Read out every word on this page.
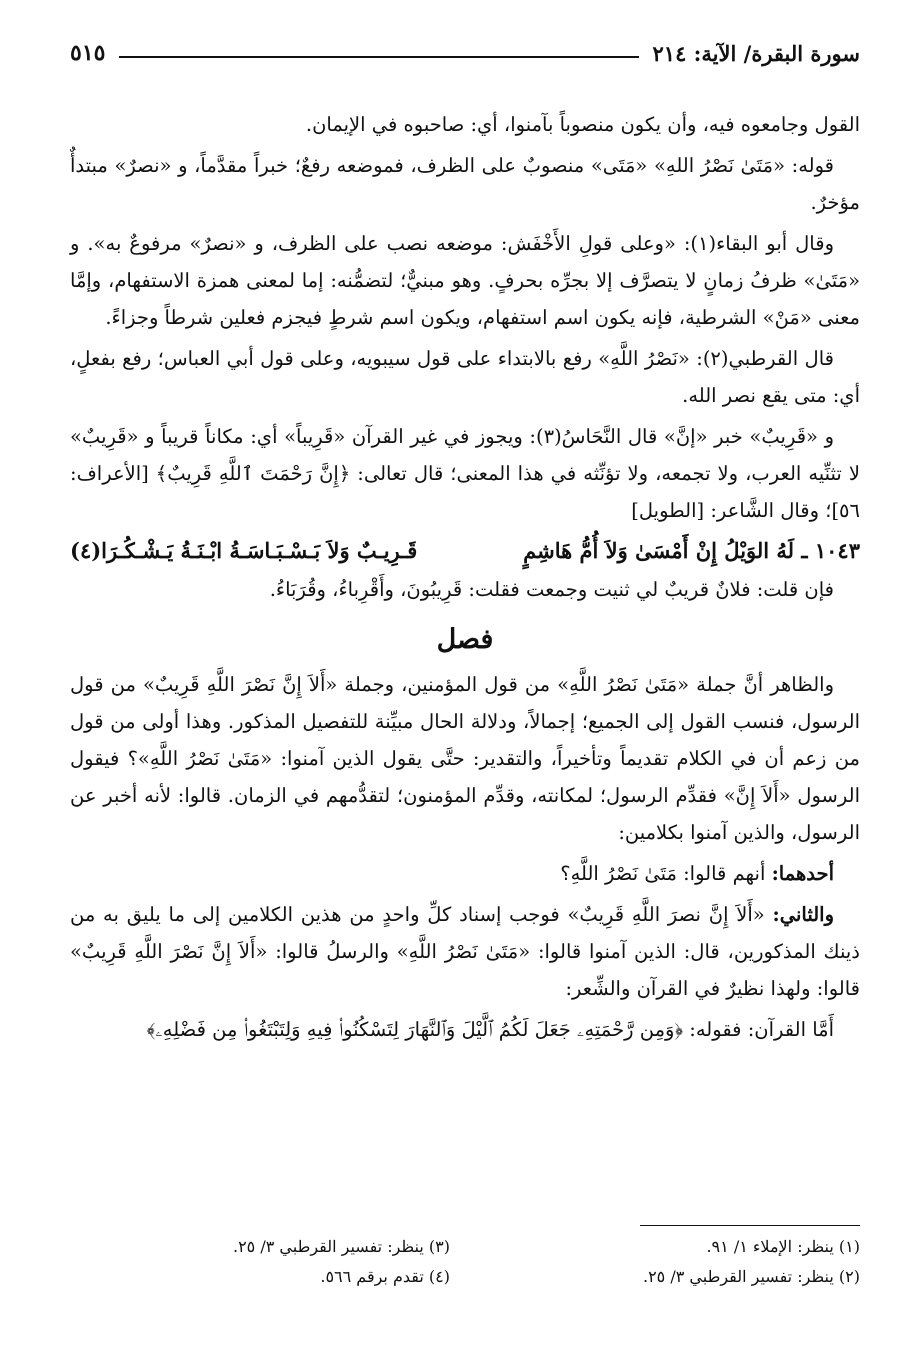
سورة البقرة/ الآية: ٢١٤
٥١٥

القول وجامعوه فيه، وأن يكون منصوباً بآمنوا، أي: صاحبوه في الإيمان.

قوله: «مَتَىٰ نَصْرُ اللهِ» «مَتَى» منصوبٌ على الظرف، فموضعه رفعٌ؛ خبراً مقدَّماً، و «نصرٌ» مبتدأٌ مؤخرٌ.

وقال أبو البقاء(١): «وعلى قولِ الأَخْفَش: موضعه نصب على الظرف، و «نصرٌ» مرفوعٌ به». و «مَتَىٰ» ظرفُ زمانٍ لا يتصرَّف إلا بجرِّه بحرفٍ. وهو مبنيٌّ؛ لتضمُّنه: إما لمعنى همزة الاستفهام، وإمَّا معنى «مَنْ» الشرطية، فإنه يكون اسم استفهام، ويكون اسم شرطٍ فيجزم فعلين شرطاً وجزاءً.

قال القرطبي(٢): «نَصْرُ اللَّهِ» رفع بالابتداء على قول سيبويه، وعلى قول أبي العباس؛ رفع بفعلٍ، أي: متى يقع نصر الله.

و «قَرِيبٌ» خبر «إنَّ» قال النَّحَاسُ(٣): ويجوز في غير القرآن «قَرِيباً» أي: مكاناً قريباً و «قَرِيبٌ» لا تثنِّيه العرب، ولا تجمعه، ولا تؤنِّثه في هذا المعنى؛ قال تعالى: ﴿إِنَّ رَحْمَتَ ٱللَّهِ قَرِيبٌ﴾ [الأعراف: ٥٦]؛ وقال الشَّاعر: [الطويل]

١٠٤٣ ـ لَهُ الوَيْلُ إِنْ أَمْسَىٰ وَلاَ أُمُّ هَاشِمٍ
قَـرِيـبٌ وَلاَ بَـسْـبَـاسَـةُ ابْـنَـةُ يَـشْـكُـرَا(٤)

فإن قلت: فلانٌ قريبٌ لي ثنيت وجمعت فقلت: قَرِيبُونَ، وأَقْرِباءُ، وقُرَبَاءُ.

فصل

والظاهر أنَّ جملة «مَتَىٰ نَصْرُ اللَّهِ» من قول المؤمنين، وجملة «أَلاَ إِنَّ نَصْرَ اللَّهِ قَرِيبٌ» من قول الرسول، فنسب القول إلى الجميع؛ إجمالاً، ودلالة الحال مبيِّنة للتفصيل المذكور. وهذا أولى من قول من زعم أن في الكلام تقديماً وتأخيراً، والتقدير: حتَّى يقول الذين آمنوا: «مَتَىٰ نَصْرُ اللَّهِ»؟ فيقول الرسول «أَلاَ إِنَّ» فقدِّم الرسول؛ لمكانته، وقدِّم المؤمنون؛ لتقدُّمهم في الزمان. قالوا: لأنه أخبر عن الرسول، والذين آمنوا بكلامين:

أحدهما: أنهم قالوا: مَتَىٰ نَصْرُ اللَّهِ؟

والثاني: «أَلاَ إِنَّ نصرَ اللَّهِ قَرِيبٌ» فوجب إسناد كلِّ واحدٍ من هذين الكلامين إلى ما يليق به من ذينك المذكورين، قال: الذين آمنوا قالوا: «مَتَىٰ نَصْرُ اللَّهِ» والرسلُ قالوا: «أَلاَ إِنَّ نَصْرَ اللَّهِ قَرِيبٌ» قالوا: ولهذا نظيرٌ في القرآن والشِّعر:

أَمَّا القرآن: فقوله: ﴿وَمِن رَّحْمَتِهِۦ جَعَلَ لَكُمُ ٱلَّيْلَ وَٱلنَّهَارَ لِتَسْكُنُوا۟ فِيهِ وَلِتَبْتَغُوا۟ مِن فَضْلِهِۦ﴾

(١) ينظر: الإملاء ١/ ٩١.
(٣) ينظر: تفسير القرطبي ٣/ ٢٥.
(٢) ينظر: تفسير القرطبي ٣/ ٢٥.
(٤) تقدم برقم ٥٦٦.
